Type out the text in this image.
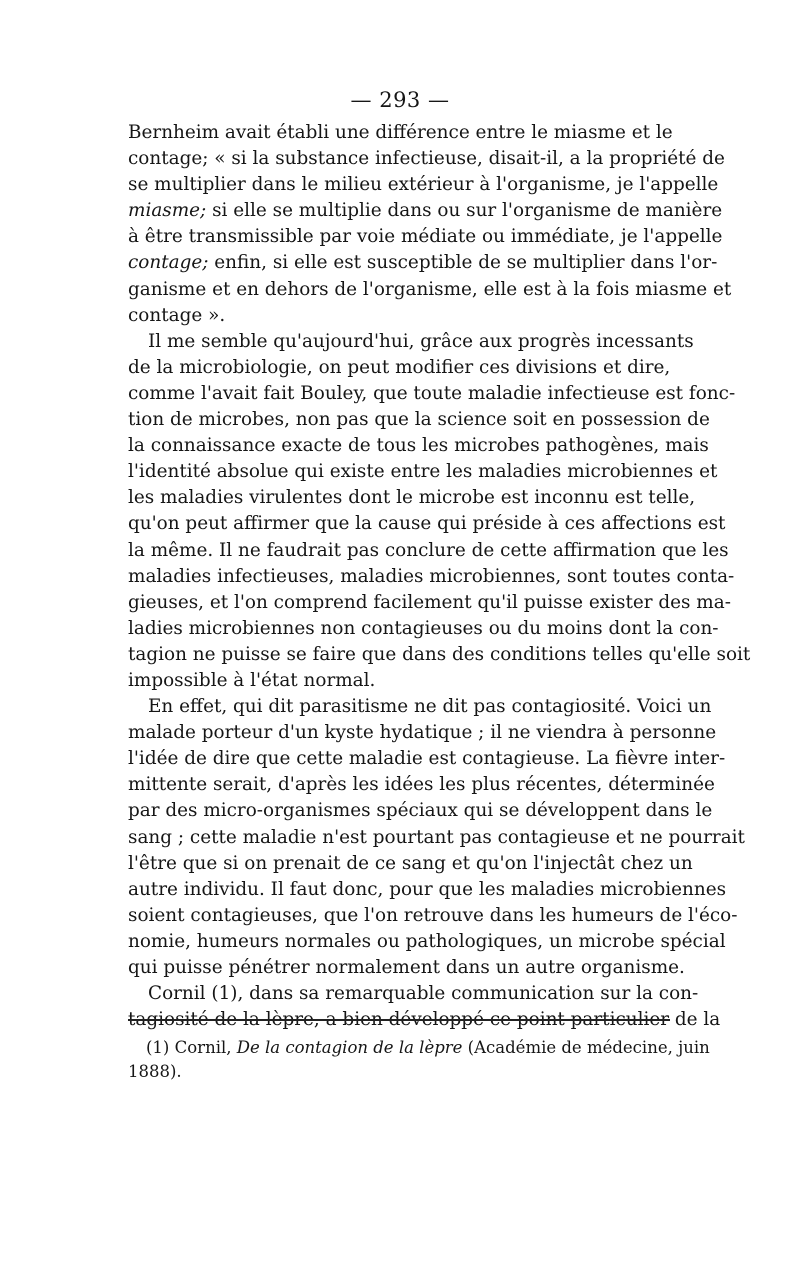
— 293 —
Bernheim avait établi une différence entre le miasme et le
contage; « si la substance infectieuse, disait-il, a la propriété de
se multiplier dans le milieu extérieur à l'organisme, je l'appelle
miasme; si elle se multiplie dans ou sur l'organisme de manière
à être transmissible par voie médiate ou immédiate, je l'appelle
contage; enfin, si elle est susceptible de se multiplier dans l'or-
ganisme et en dehors de l'organisme, elle est à la fois miasme et
contage ».
Il me semble qu'aujourd'hui, grâce aux progrès incessants
de la microbiologie, on peut modifier ces divisions et dire,
comme l'avait fait Bouley, que toute maladie infectieuse est fonc-
tion de microbes, non pas que la science soit en possession de
la connaissance exacte de tous les microbes pathogènes, mais
l'identité absolue qui existe entre les maladies microbiennes et
les maladies virulentes dont le microbe est inconnu est telle,
qu'on peut affirmer que la cause qui préside à ces affections est
la même. Il ne faudrait pas conclure de cette affirmation que les
maladies infectieuses, maladies microbiennes, sont toutes conta-
gieuses, et l'on comprend facilement qu'il puisse exister des ma-
ladies microbiennes non contagieuses ou du moins dont la con-
tagion ne puisse se faire que dans des conditions telles qu'elle soit
impossible à l'état normal.
En effet, qui dit parasitisme ne dit pas contagiosité. Voici un
malade porteur d'un kyste hydatique ; il ne viendra à personne
l'idée de dire que cette maladie est contagieuse. La fièvre inter-
mittente serait, d'après les idées les plus récentes, déterminée
par des micro-organismes spéciaux qui se développent dans le
sang ; cette maladie n'est pourtant pas contagieuse et ne pourrait
l'être que si on prenait de ce sang et qu'on l'injectât chez un
autre individu. Il faut donc, pour que les maladies microbiennes
soient contagieuses, que l'on retrouve dans les humeurs de l'éco-
nomie, humeurs normales ou pathologiques, un microbe spécial
qui puisse pénétrer normalement dans un autre organisme.
Cornil (1), dans sa remarquable communication sur la con-
tagiosité de la lèpre, a bien développé ce point particulier de la
(1) Cornil, De la contagion de la lèpre (Académie de médecine, juin
1888).
